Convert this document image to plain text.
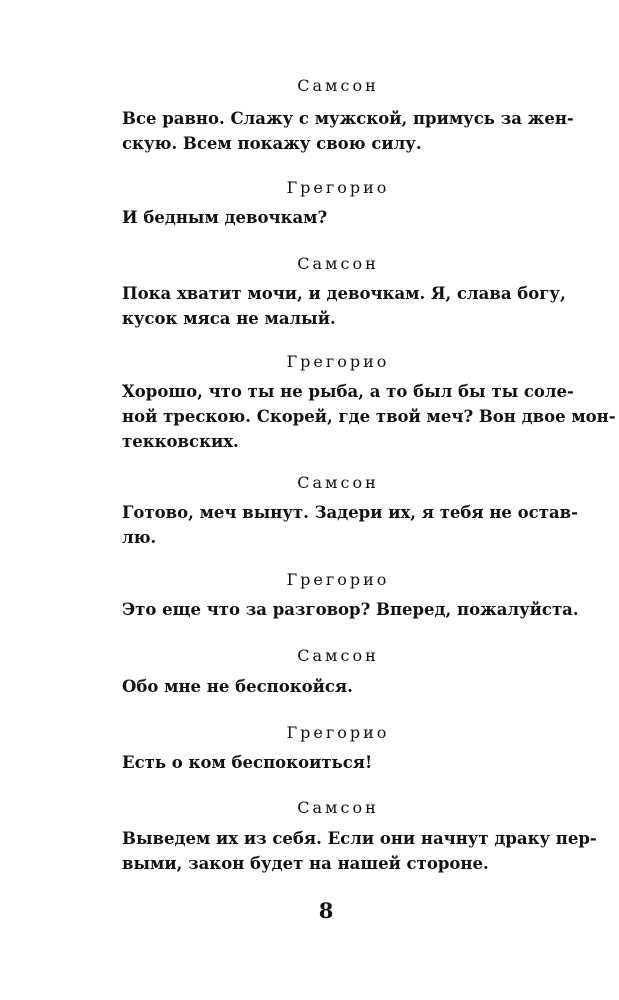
Самсон
Все равно. Слажу с мужской, примусь за жен-
скую. Всем покажу свою силу.
Грегорио
И бедным девочкам?
Самсон
Пока хватит мочи, и девочкам. Я, слава богу,
кусок мяса не малый.
Грегорио
Хорошо, что ты не рыба, а то был бы ты соле-
ной трескою. Скорей, где твой меч? Вон двое мон-
текковских.
Самсон
Готово, меч вынут. Задери их, я тебя не остав-
лю.
Грегорио
Это еще что за разговор? Вперед, пожалуйста.
Самсон
Обо мне не беспокойся.
Грегорио
Есть о ком беспокоиться!
Самсон
Выведем их из себя. Если они начнут драку пер-
выми, закон будет на нашей стороне.
8
